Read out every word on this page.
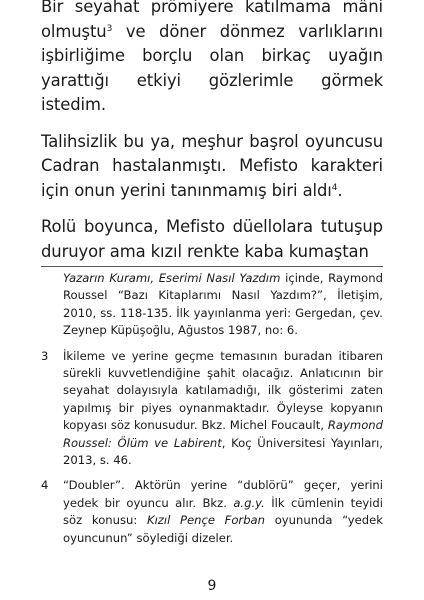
Bir seyahat prömiyere katılmama mâni olmuştu$^3$ ve döner dönmez varlıklarını işbirliğime borçlu olan birkaç uyağın yarattığı etkiyi gözlerimle görmek istedim.

Talihsizlik bu ya, meşhur başrol oyuncusu Cadran hastalanmıştı. Mefisto karakteri için onun yerini tanınmamış biri aldı$^4$.

Rolü boyunca, Mefisto düellolara tutuşup duruyor ama kızıl renkte kaba kumaştan

Yazarın Kuramı, Eserimi Nasıl Yazdım içinde, Raymond Roussel “Bazı Kitaplarımı Nasıl Yazdım?”, İletişim, 2010, ss. 118-135. İlk yayınlanma yeri: Gergedan, çev. Zeynep Küpüşoğlu, Ağustos 1987, no: 6.
3 İkileme ve yerine geçme temasının buradan itibaren sürekli kuvvetlendiğine şahit olacağız. Anlatıcının bir seyahat dolayısıyla katılamadığı, ilk gösterimi zaten yapılmış bir piyes oynanmaktadır. Öyleyse kopyanın kopyası söz konusudur. Bkz. Michel Foucault, Raymond Roussel: Ölüm ve Labirent, Koç Üniversitesi Yayınları, 2013, s. 46.
4 “Doubler”. Aktörün yerine “dublörü” geçer, yerini yedek bir oyuncu alır. Bkz. a.g.y. İlk cümlenin teyidi söz konusu: Kızıl Pençe Forban oyununda “yedek oyuncunun” söylediği dizeler.
9
